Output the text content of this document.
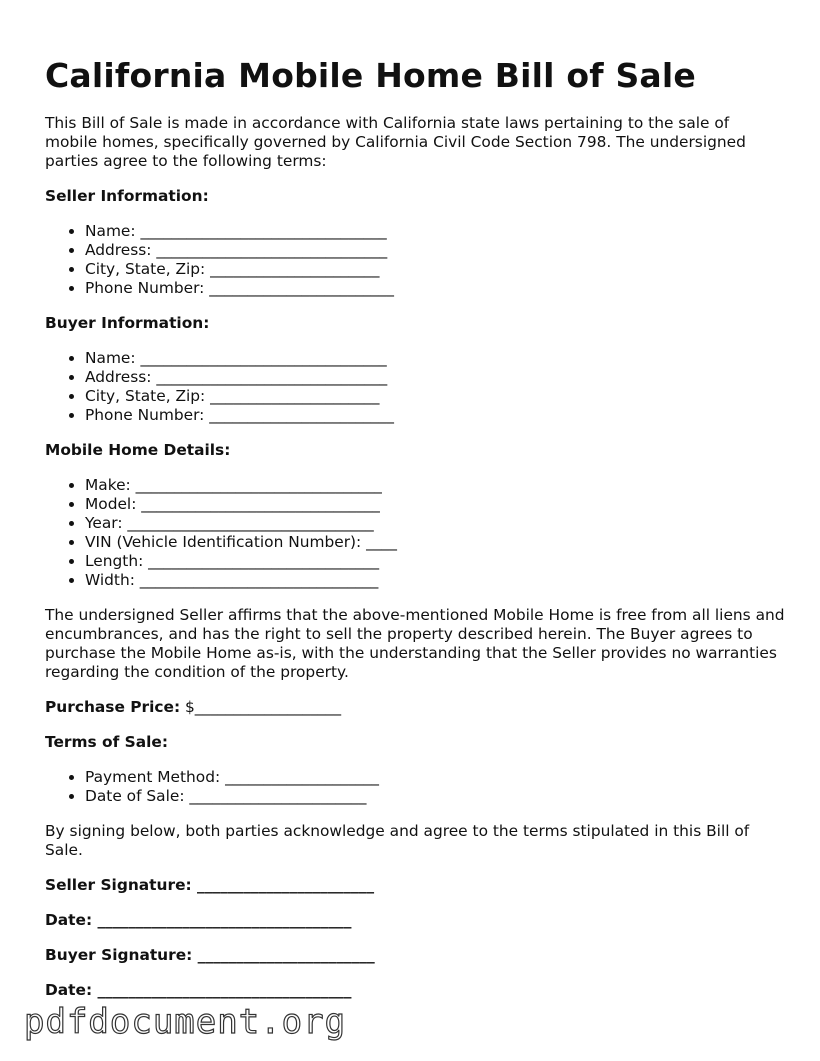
California Mobile Home Bill of Sale

This Bill of Sale is made in accordance with California state laws pertaining to the sale of mobile homes, specifically governed by California Civil Code Section 798. The undersigned parties agree to the following terms:

Seller Information:
• Name: ________________________________
• Address: ______________________________
• City, State, Zip: ______________________
• Phone Number: ________________________
Buyer Information:
• Name: ________________________________
• Address: ______________________________
• City, State, Zip: ______________________
• Phone Number: ________________________
Mobile Home Details:
• Make: ________________________________
• Model: _______________________________
• Year: ________________________________
• VIN (Vehicle Identification Number): ____
• Length: ______________________________
• Width: _______________________________

The undersigned Seller affirms that the above-mentioned Mobile Home is free from all liens and encumbrances, and has the right to sell the property described herein. The Buyer agrees to purchase the Mobile Home as-is, with the understanding that the Seller provides no warranties regarding the condition of the property.

Purchase Price: $___________________

Terms of Sale:
• Payment Method: ____________________
• Date of Sale: _______________________

By signing below, both parties acknowledge and agree to the terms stipulated in this Bill of Sale.

Seller Signature: _______________________
Date: _________________________________
Buyer Signature: _______________________
Date: _________________________________
pdfdocument.org
